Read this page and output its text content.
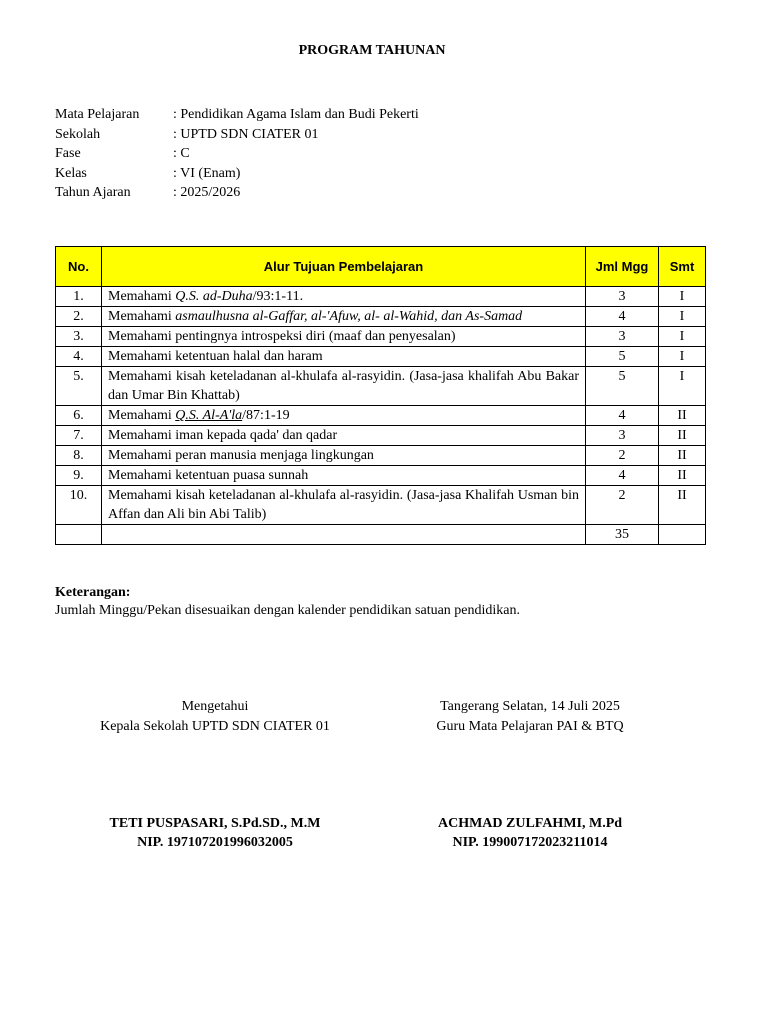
PROGRAM TAHUNAN
Mata Pelajaran	: Pendidikan Agama Islam dan Budi Pekerti
Sekolah	: UPTD SDN CIATER 01
Fase	: C
Kelas	: VI (Enam)
Tahun Ajaran	: 2025/2026
No.	Alur Tujuan Pembelajaran	Jml Mgg	Smt
1.	Memahami Q.S. ad-Duha/93:1-11.	3	I
2.	Memahami asmaulhusna al-Gaffar, al-'Afuw, al- al-Wahid, dan As-Samad	4	I
3.	Memahami pentingnya introspeksi diri (maaf dan penyesalan)	3	I
4.	Memahami ketentuan halal dan haram	5	I
5.	Memahami kisah keteladanan al-khulafa al-rasyidin. (Jasa-jasa khalifah Abu Bakar dan Umar Bin Khattab)	5	I
6.	Memahami Q.S. Al-A'la/87:1-19	4	II
7.	Memahami iman kepada qada' dan qadar	3	II
8.	Memahami peran manusia menjaga lingkungan	2	II
9.	Memahami ketentuan puasa sunnah	4	II
10.	Memahami kisah keteladanan al-khulafa al-rasyidin. (Jasa-jasa Khalifah Usman bin Affan dan Ali bin Abi Talib)	2	II
		35	
Keterangan:
Jumlah Minggu/Pekan disesuaikan dengan kalender pendidikan satuan pendidikan.
Mengetahui
Kepala Sekolah UPTD SDN CIATER 01
Tangerang Selatan, 14 Juli 2025
Guru Mata Pelajaran PAI & BTQ
TETI PUSPASARI, S.Pd.SD., M.M
NIP. 197107201996032005
ACHMAD ZULFAHMI, M.Pd
NIP. 199007172023211014
